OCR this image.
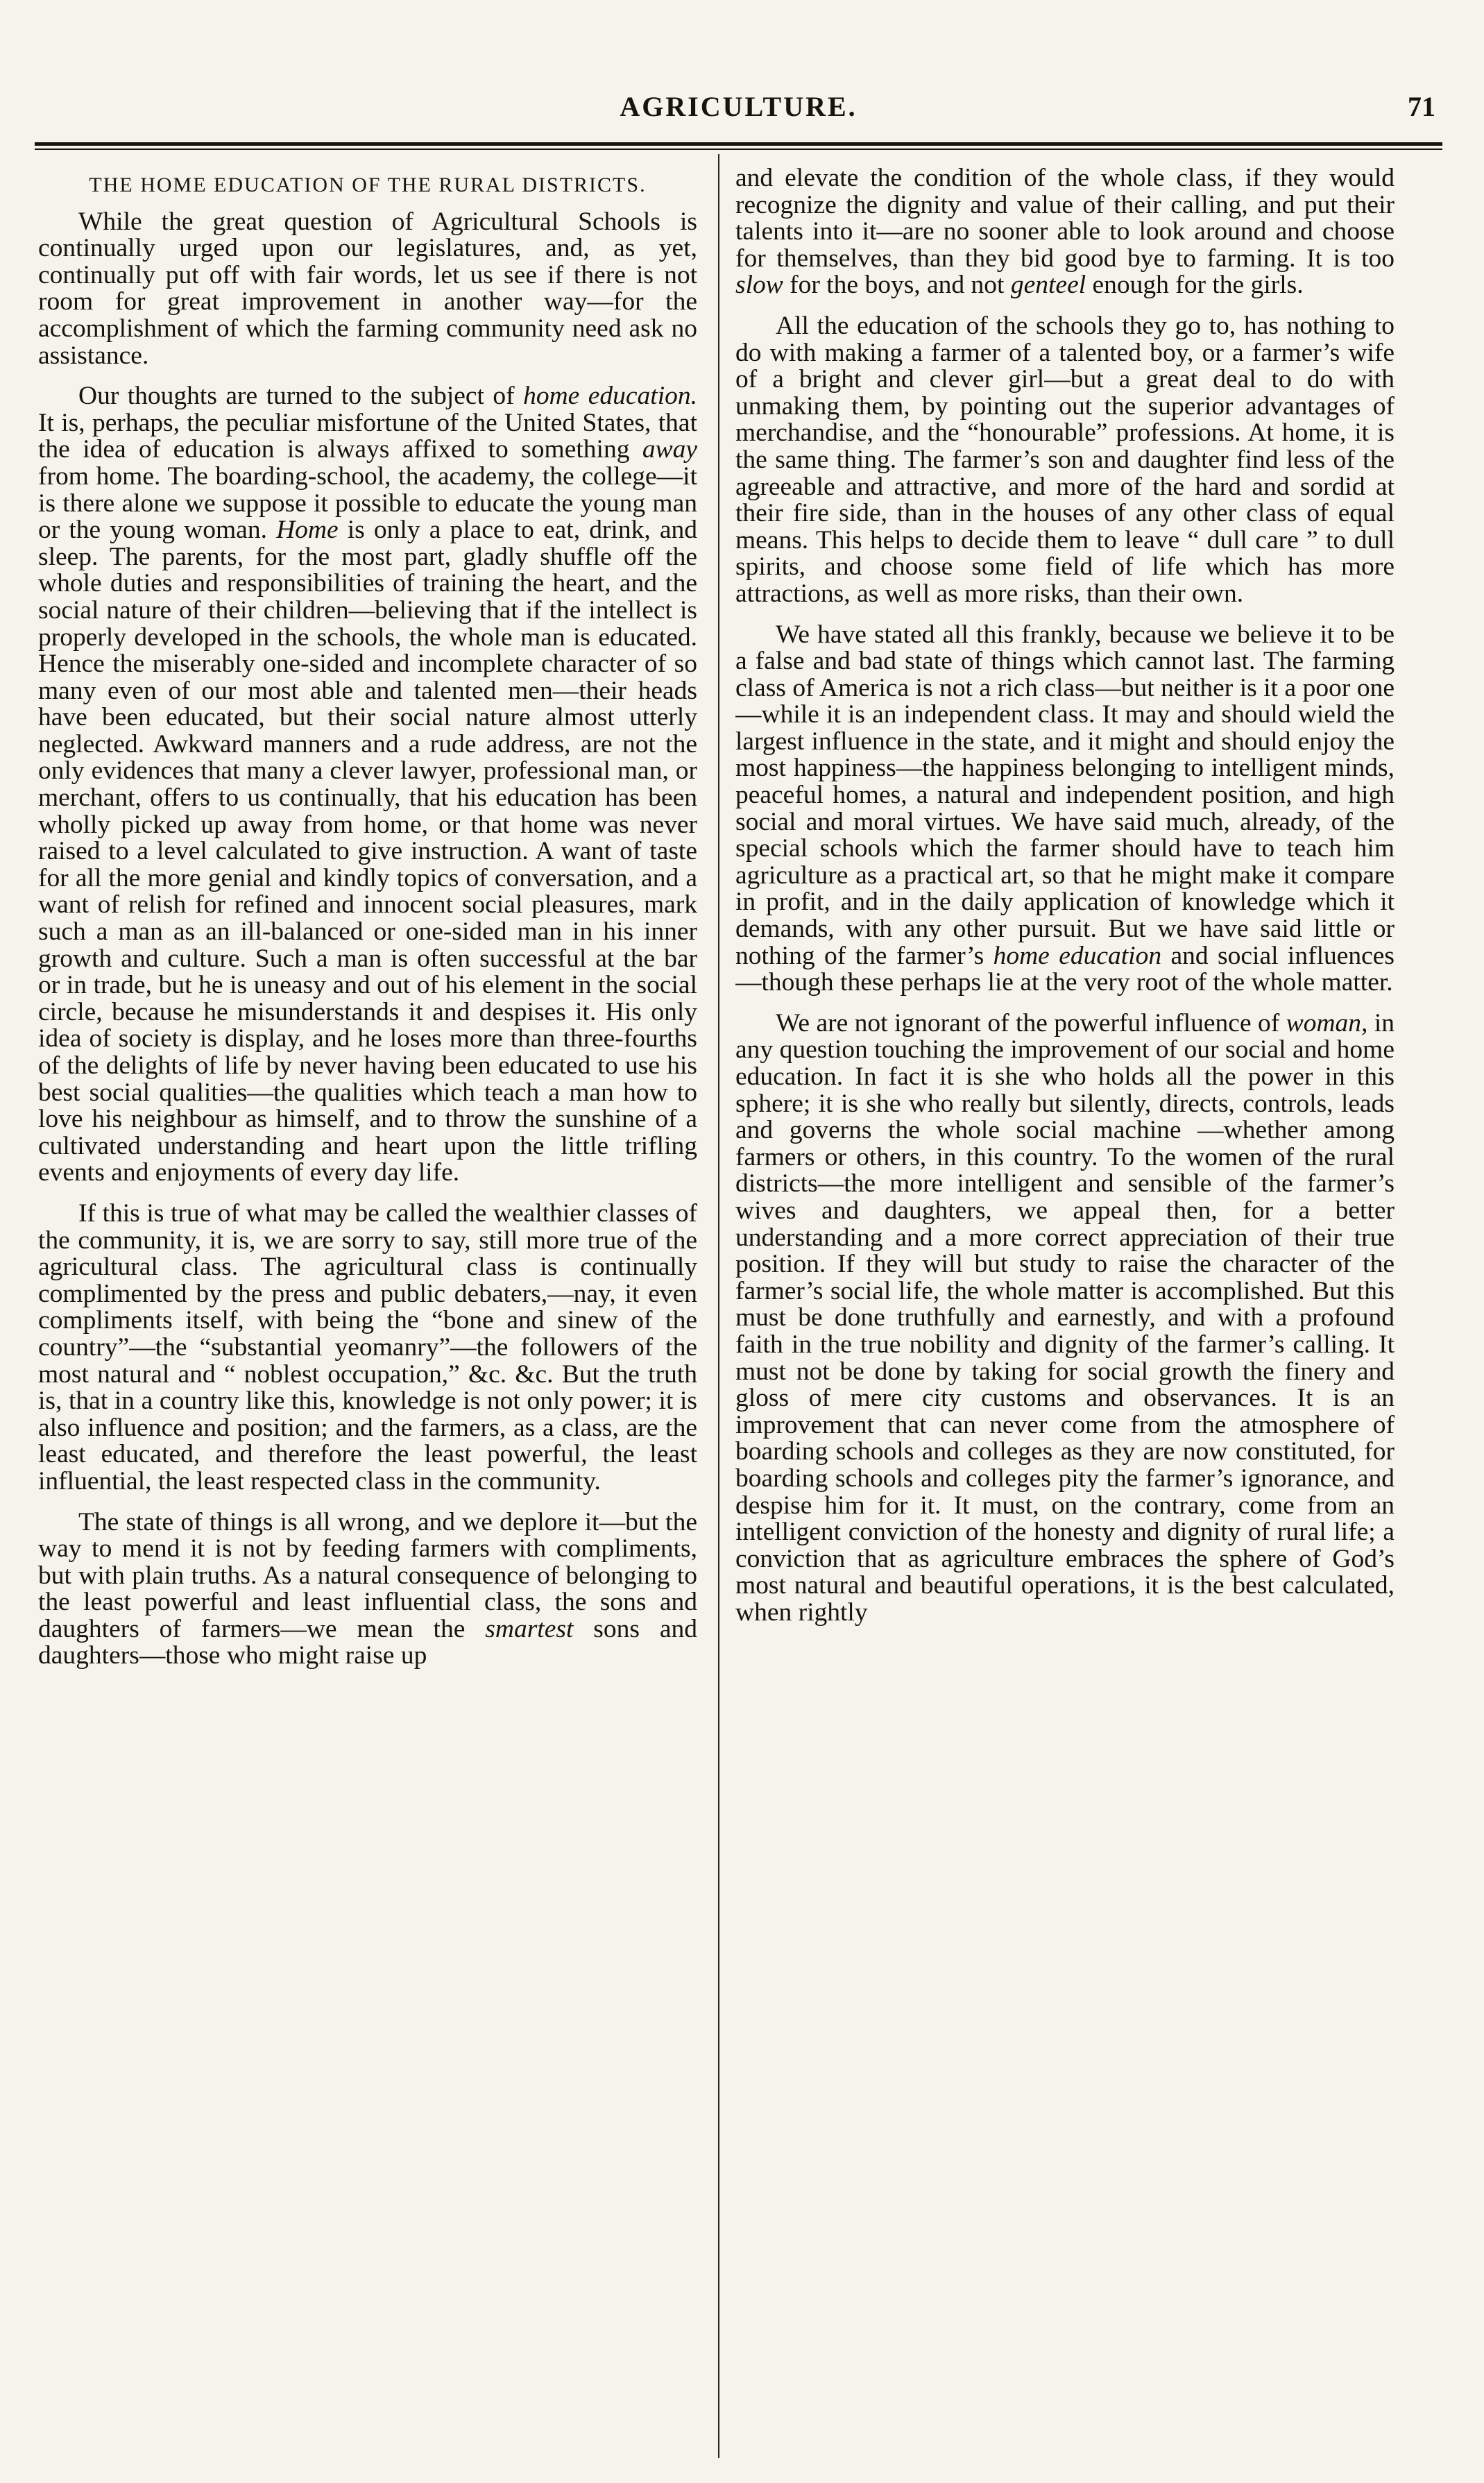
AGRICULTURE.	71
THE HOME EDUCATION OF THE RURAL DISTRICTS.

While the great question of Agricultural Schools is continually urged upon our legislatures, and, as yet, continually put off with fair words, let us see if there is not room for great improvement in another way—for the accomplishment of which the farming community need ask no assistance.

Our thoughts are turned to the subject of home education. It is, perhaps, the peculiar misfortune of the United States, that the idea of education is always affixed to something away from home. The boarding-school, the academy, the college—it is there alone we suppose it possible to educate the young man or the young woman. Home is only a place to eat, drink, and sleep. The parents, for the most part, gladly shuffle off the whole duties and responsibilities of training the heart, and the social nature of their children—believing that if the intellect is properly developed in the schools, the whole man is educated. Hence the miserably one-sided and incomplete character of so many even of our most able and talented men—their heads have been educated, but their social nature almost utterly neglected. Awkward manners and a rude address, are not the only evidences that many a clever lawyer, professional man, or merchant, offers to us continually, that his education has been wholly picked up away from home, or that home was never raised to a level calculated to give instruction. A want of taste for all the more genial and kindly topics of conversation, and a want of relish for refined and innocent social pleasures, mark such a man as an ill-balanced or one-sided man in his inner growth and culture. Such a man is often successful at the bar or in trade, but he is uneasy and out of his element in the social circle, because he misunderstands it and despises it. His only idea of society is display, and he loses more than three-fourths of the delights of life by never having been educated to use his best social qualities—the qualities which teach a man how to love his neighbour as himself, and to throw the sunshine of a cultivated understanding and heart upon the little trifling events and enjoyments of every day life.

If this is true of what may be called the wealthier classes of the community, it is, we are sorry to say, still more true of the agricultural class. The agricultural class is continually complimented by the press and public debaters,—nay, it even compliments itself, with being the “bone and sinew of the country”—the “substantial yeomanry”—the followers of the most natural and “ noblest occupation,” &c. &c. But the truth is, that in a country like this, knowledge is not only power; it is also influence and position; and the farmers, as a class, are the least educated, and therefore the least powerful, the least influential, the least respected class in the community.

The state of things is all wrong, and we deplore it—but the way to mend it is not by feeding farmers with compliments, but with plain truths. As a natural consequence of belonging to the least powerful and least influential class, the sons and daughters of farmers—we mean the smartest sons and daughters—those who might raise up

and elevate the condition of the whole class, if they would recognize the dignity and value of their calling, and put their talents into it—are no sooner able to look around and choose for themselves, than they bid good bye to farming. It is too slow for the boys, and not genteel enough for the girls.

All the education of the schools they go to, has nothing to do with making a farmer of a talented boy, or a farmer’s wife of a bright and clever girl—but a great deal to do with unmaking them, by pointing out the superior advantages of merchandise, and the “honourable” professions. At home, it is the same thing. The farmer’s son and daughter find less of the agreeable and attractive, and more of the hard and sordid at their fire side, than in the houses of any other class of equal means. This helps to decide them to leave “ dull care ” to dull spirits, and choose some field of life which has more attractions, as well as more risks, than their own.

We have stated all this frankly, because we believe it to be a false and bad state of things which cannot last. The farming class of America is not a rich class—but neither is it a poor one—while it is an independent class. It may and should wield the largest influence in the state, and it might and should enjoy the most happiness—the happiness belonging to intelligent minds, peaceful homes, a natural and independent position, and high social and moral virtues. We have said much, already, of the special schools which the farmer should have to teach him agriculture as a practical art, so that he might make it compare in profit, and in the daily application of knowledge which it demands, with any other pursuit. But we have said little or nothing of the farmer’s home education and social influences—though these perhaps lie at the very root of the whole matter.

We are not ignorant of the powerful influence of woman, in any question touching the improvement of our social and home education. In fact it is she who holds all the power in this sphere; it is she who really but silently, directs, controls, leads and governs the whole social machine —whether among farmers or others, in this country. To the women of the rural districts—the more intelligent and sensible of the farmer’s wives and daughters, we appeal then, for a better understanding and a more correct appreciation of their true position. If they will but study to raise the character of the farmer’s social life, the whole matter is accomplished. But this must be done truthfully and earnestly, and with a profound faith in the true nobility and dignity of the farmer’s calling. It must not be done by taking for social growth the finery and gloss of mere city customs and observances. It is an improvement that can never come from the atmosphere of boarding schools and colleges as they are now constituted, for boarding schools and colleges pity the farmer’s ignorance, and despise him for it. It must, on the contrary, come from an intelligent conviction of the honesty and dignity of rural life; a conviction that as agriculture embraces the sphere of God’s most natural and beautiful operations, it is the best calculated, when rightly
